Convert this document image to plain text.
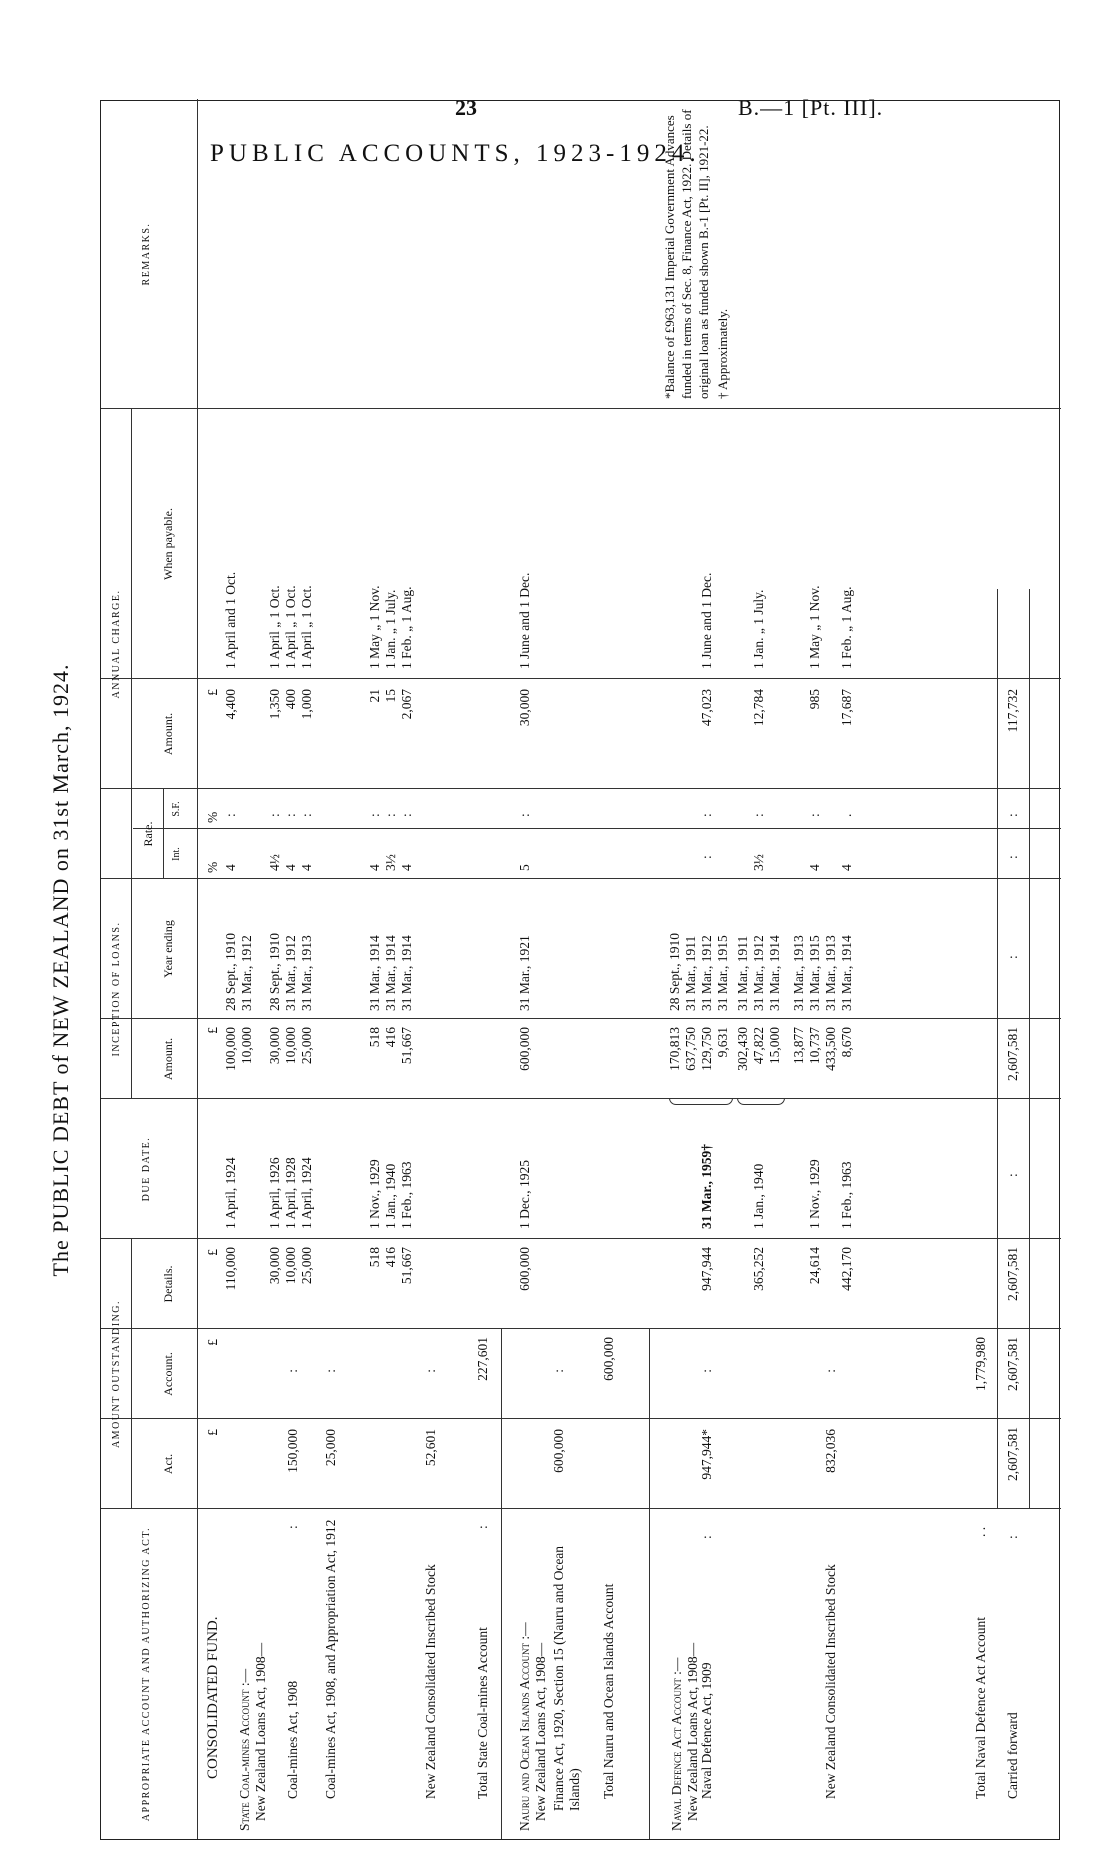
23	B.—1 [Pt. III].
PUBLIC ACCOUNTS, 1923-1924.
The PUBLIC DEBT of NEW ZEALAND on 31st March, 1924.
APPROPRIATE ACCOUNT AND AUTHORIZING ACT.
AMOUNT OUTSTANDING.
Act.
Account.
Details.
DUE DATE.
INCEPTION OF LOANS.
Amount.
Year ending
ANNUAL CHARGE.
Rate.
Int.
S.F.
Amount.
When payable.
REMARKS.
£
£
£
£
%
%
£
CONSOLIDATED FUND. State Coal-mines Account :— New Zealand Loans Act, 1908—
110,000
1 April, 1924
100,000
28 Sept., 1910
4
:
4,400
1 April and 1 Oct.
10,000
31 Mar., 1912
Coal-mines Act, 1908
:
150,000
:
30,000
1 April, 1926
30,000
28 Sept., 1910
4½
:
1,350
1 April „ 1 Oct.
10,000
1 April, 1928
10,000
31 Mar., 1912
4
:
400
1 April „ 1 Oct.
25,000
1 April, 1924
25,000
31 Mar., 1913
4
:
1,000
1 April „ 1 Oct.
Coal-mines Act, 1908, and Appropriation Act, 1912
25,000
:
518
1 Nov., 1929
518
31 Mar., 1914
4
:
21
1 May „ 1 Nov.
416
1 Jan., 1940
416
31 Mar., 1914
3½
:
15
1 Jan. „ 1 July.
51,667
1 Feb., 1963
51,667
31 Mar., 1914
4
:
2,067
1 Feb. „ 1 Aug.
New Zealand Consolidated Inscribed Stock
52,601
:
Total State Coal-mines Account
:
227,601
Nauru and Ocean Islands Account :— New Zealand Loans Act, 1908—
600,000
1 Dec., 1925
600,000
31 Mar., 1921
5
:
30,000
1 June and 1 Dec.
Finance Act, 1920, Section 15 (Nauru and Ocean Islands)
600,000
:
Total Nauru and Ocean Islands Account
600,000
Naval Defence Act Account :— New Zealand Loans Act, 1908—
170,813
28 Sept., 1910
637,750
31 Mar., 1911
Naval Defence Act, 1909
:
947,944*
:
947,944
31 Mar., 1959†
129,750
31 Mar., 1912
:
:
47,023
1 June and 1 Dec.
9,631
31 Mar., 1915
302,430
31 Mar., 1911
365,252
1 Jan., 1940
47,822
31 Mar., 1912
3½
:
12,784
1 Jan. „ 1 July.
15,000
31 Mar., 1914
13,877
31 Mar., 1913
24,614
1 Nov., 1929
10,737
31 Mar., 1915
4
:
985
1 May „ 1 Nov.
New Zealand Consolidated Inscribed Stock
832,036
:
433,500
31 Mar., 1913
442,170
1 Feb., 1963
8,670
31 Mar., 1914
4
.
17,687
1 Feb. „ 1 Aug.
Total Naval Defence Act Account
. .
1,779,980
Carried forward
:
2,607,581
2,607,581
2,607,581
:
2,607,581
:
:
:
117,732
*Balance of £963,131 Imperial Government Advances funded in terms of Sec. 8, Finance Act, 1922. Details of original loan as funded shown B.-1 [Pt. II], 1921-22. † Approximately.
